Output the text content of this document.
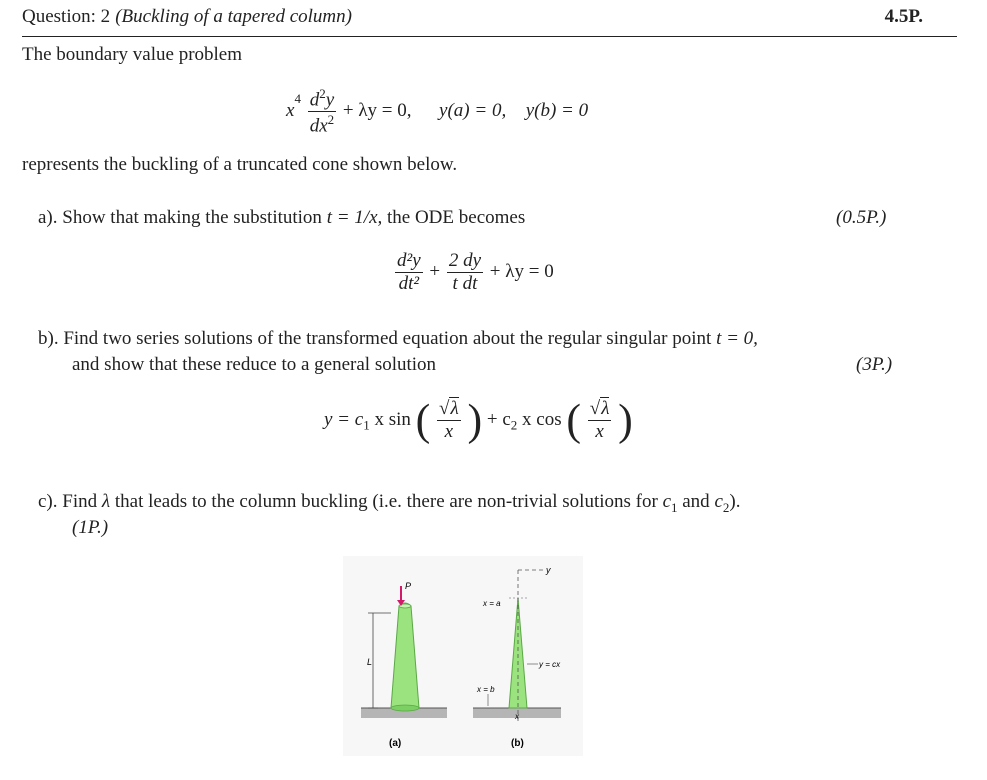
Question: 2 (Buckling of a tapered column)	4.5P.
The boundary value problem
$x^4 \frac{d^2y}{dx^2} + \lambda y = 0$, y(a) = 0, y(b) = 0
represents the buckling of a truncated cone shown below.
a). Show that making the substitution t = 1/x, the ODE becomes	(0.5P.)
$\frac{\text{d²y}}{\text{dt²}} + \frac{2 dy}{\text{t dt}} + \lambda y = 0$
b). Find two series solutions of the transformed equation about the regular singular point t = 0,
and show that these reduce to a general solution	(3P.)
$y = c_1$ x sin ( $\frac{√\lambda}{x}$ ) + $c_2$ x cos ( $\frac{√\lambda}{x}$ )
c). Find λ that leads to the column buckling (i.e. there are non-trivial solutions for $c_1$ and $c_2$).
(1P.)
P
L
(a)
y
x = a
x = b
y = cx
x
(b)
